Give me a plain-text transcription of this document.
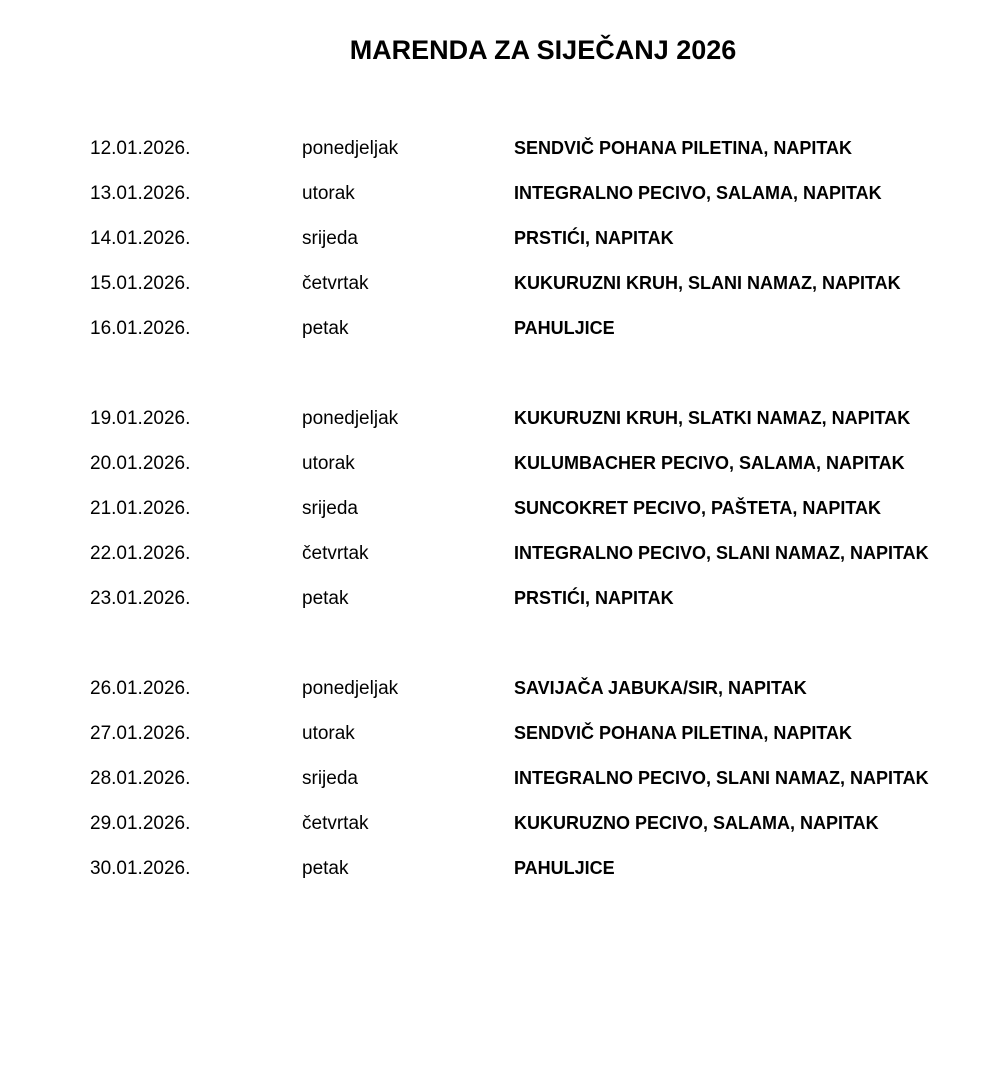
MARENDA ZA SIJEČANJ 2026
12.01.2026.	ponedjeljak	SENDVIČ POHANA PILETINA, NAPITAK
13.01.2026.	utorak	INTEGRALNO PECIVO, SALAMA, NAPITAK
14.01.2026.	srijeda	PRSTIĆI, NAPITAK
15.01.2026.	četvrtak	KUKURUZNI KRUH, SLANI NAMAZ, NAPITAK
16.01.2026.	petak	PAHULJICE
19.01.2026.	ponedjeljak	KUKURUZNI KRUH, SLATKI NAMAZ, NAPITAK
20.01.2026.	utorak	KULUMBACHER PECIVO, SALAMA, NAPITAK
21.01.2026.	srijeda	SUNCOKRET PECIVO, PAŠTETA, NAPITAK
22.01.2026.	četvrtak	INTEGRALNO PECIVO, SLANI NAMAZ, NAPITAK
23.01.2026.	petak	PRSTIĆI, NAPITAK
26.01.2026.	ponedjeljak	SAVIJAČA JABUKA/SIR, NAPITAK
27.01.2026.	utorak	SENDVIČ POHANA PILETINA, NAPITAK
28.01.2026.	srijeda	INTEGRALNO PECIVO, SLANI NAMAZ, NAPITAK
29.01.2026.	četvrtak	KUKURUZNO PECIVO, SALAMA, NAPITAK
30.01.2026.	petak	PAHULJICE
